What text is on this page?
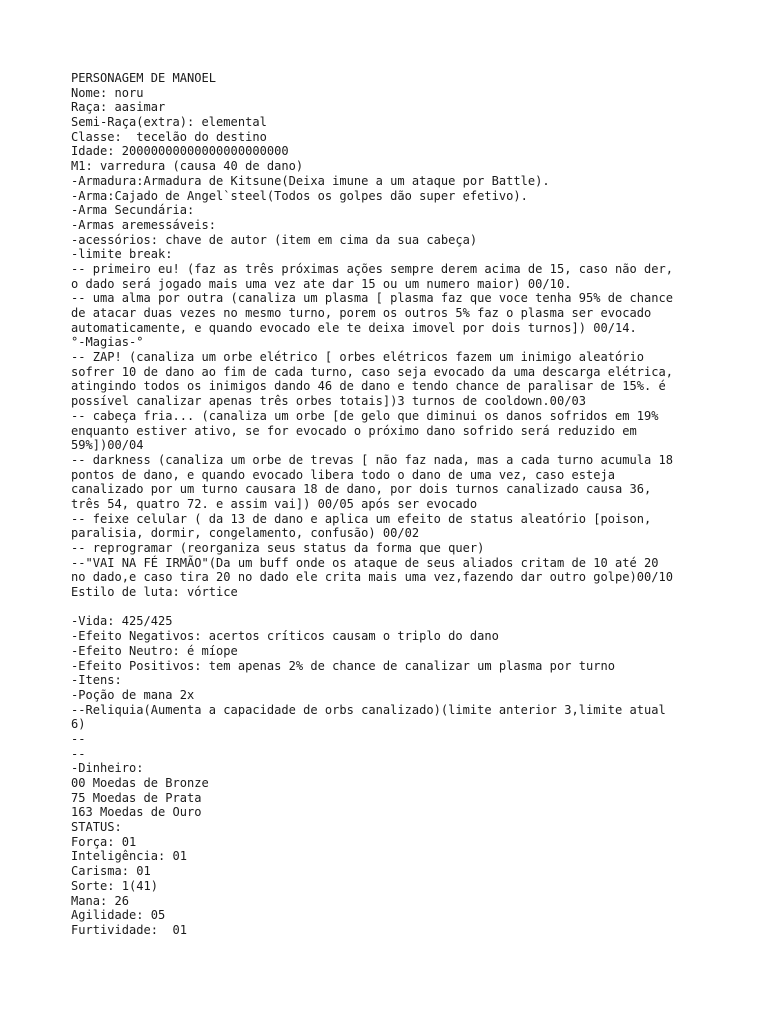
PERSONAGEM DE MANOEL
Nome: noru
Raça: aasimar
Semi-Raça(extra): elemental
Classe:  tecelão do destino
Idade: 20000000000000000000000
M1: varredura (causa 40 de dano)
-Armadura:Armadura de Kitsune(Deixa imune a um ataque por Battle).
-Arma:Cajado de Angel`steel(Todos os golpes dão super efetivo).
-Arma Secundária:
-Armas aremessáveis:
-acessórios: chave de autor (item em cima da sua cabeça)
-limite break:
-- primeiro eu! (faz as três próximas ações sempre derem acima de 15, caso não der,
o dado será jogado mais uma vez ate dar 15 ou um numero maior) 00/10.
-- uma alma por outra (canaliza um plasma [ plasma faz que voce tenha 95% de chance
de atacar duas vezes no mesmo turno, porem os outros 5% faz o plasma ser evocado
automaticamente, e quando evocado ele te deixa imovel por dois turnos]) 00/14.
°-Magias-°
-- ZAP! (canaliza um orbe elétrico [ orbes elétricos fazem um inimigo aleatório
sofrer 10 de dano ao fim de cada turno, caso seja evocado da uma descarga elétrica,
atingindo todos os inimigos dando 46 de dano e tendo chance de paralisar de 15%. é
possível canalizar apenas três orbes totais])3 turnos de cooldown.00/03
-- cabeça fria... (canaliza um orbe [de gelo que diminui os danos sofridos em 19%
enquanto estiver ativo, se for evocado o próximo dano sofrido será reduzido em
59%])00/04
-- darkness (canaliza um orbe de trevas [ não faz nada, mas a cada turno acumula 18
pontos de dano, e quando evocado libera todo o dano de uma vez, caso esteja
canalizado por um turno causara 18 de dano, por dois turnos canalizado causa 36,
três 54, quatro 72. e assim vai]) 00/05 após ser evocado
-- feixe celular ( da 13 de dano e aplica um efeito de status aleatório [poison,
paralisia, dormir, congelamento, confusão) 00/02
-- reprogramar (reorganiza seus status da forma que quer)
--"VAI NA FÉ IRMÃO"(Da um buff onde os ataque de seus aliados critam de 10 até 20
no dado,e caso tira 20 no dado ele crita mais uma vez,fazendo dar outro golpe)00/10
Estilo de luta: vórtice
-Vida: 425/425
-Efeito Negativos: acertos críticos causam o triplo do dano
-Efeito Neutro: é míope
-Efeito Positivos: tem apenas 2% de chance de canalizar um plasma por turno
-Itens:
-Poção de mana 2x
--Reliquia(Aumenta a capacidade de orbs canalizado)(limite anterior 3,limite atual
6)
--
--
-Dinheiro:
00 Moedas de Bronze
75 Moedas de Prata
163 Moedas de Ouro
STATUS:
Força: 01
Inteligência: 01
Carisma: 01
Sorte: 1(41)
Mana: 26
Agilidade: 05
Furtividade:  01
